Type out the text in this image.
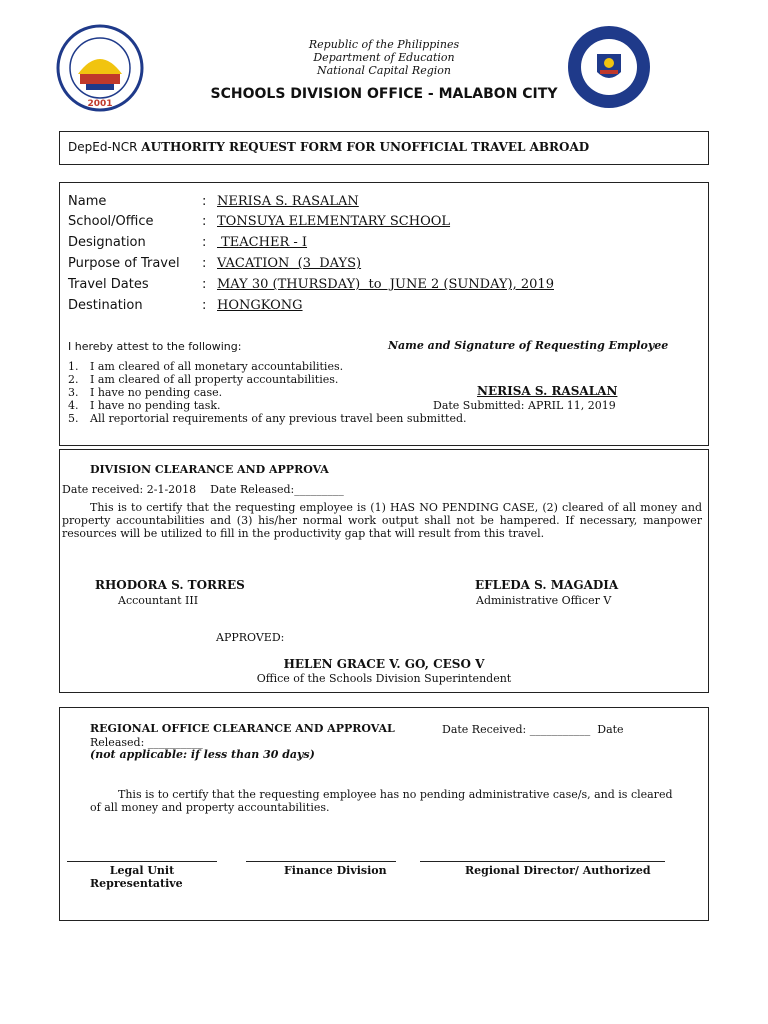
2001
Republic of the Philippines
Department of Education
National Capital Region
SCHOOLS DIVISION OFFICE - MALABON CITY
DepEd-NCR AUTHORITY REQUEST FORM FOR UNOFFICIAL TRAVEL ABROAD
Name	: NERISA S. RASALAN
School/Office	: TONSUYA ELEMENTARY SCHOOL
Designation	: TEACHER - I
Purpose of Travel : VACATION  (3  DAYS)
Travel Dates	: MAY 30 (THURSDAY)  to  JUNE 2 (SUNDAY), 2019
Destination	: HONGKONG
I hereby attest to the following:	Name and Signature of Requesting Employee
1. I am cleared of all monetary accountabilities.
2. I am cleared of all property accountabilities.
3. I have no pending case.
4. I have no pending task.
5. All reportorial requirements of any previous travel been submitted.
NERISA S. RASALAN
Date Submitted: APRIL 11, 2019
DIVISION CLEARANCE AND APPROVA
Date received: 2-1-2018    Date Released:_________
This is to certify that the requesting employee is (1) HAS NO PENDING CASE, (2) cleared of all money and property accountabilities and (3) his/her normal work output shall not be hampered. If necessary, manpower resources will be utilized to fill in the productivity gap that will result from this travel.
RHODORA S. TORRES
Accountant III
EFLEDA S. MAGADIA
Administrative Officer V
APPROVED:
HELEN GRACE V. GO, CESO V
Office of the Schools Division Superintendent
REGIONAL OFFICE CLEARANCE AND APPROVAL	Date Received: ___________  Date
Released: __________
(not applicable: if less than 30 days)
This is to certify that the requesting employee has no pending administrative case/s, and is cleared of all money and property accountabilities.
Legal Unit
Representative
Finance Division	Regional Director/ Authorized
